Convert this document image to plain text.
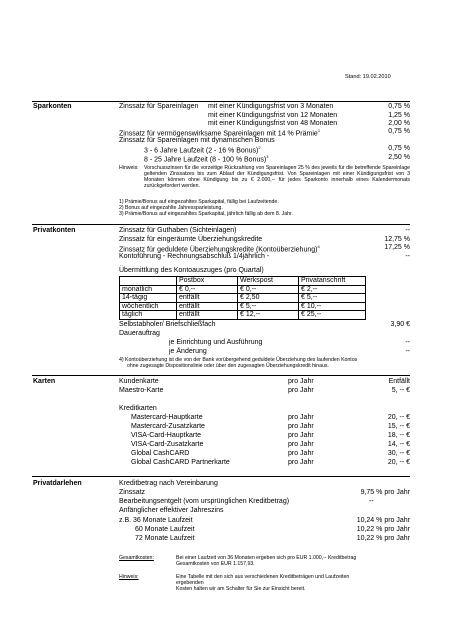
Stand: 19.02.2010
Sparkonten	Zinssatz für Spareinlagen mit einer Kündigungsfrist von 3 Monaten	0,75 %
mit einer Kündigungsfrist von 12 Monaten	1,25 %
mit einer Kündigungsfrist von 48 Monaten	2,00 %
Zinssatz für vermögenswirksame Spareinlagen mit 14 % Prämie$^1$	0,75 %
Zinssatz für Spareinlagen mit dynamischen Bonus
3 - 6 Jahre Laufzeit (2 - 16 % Bonus)$^2$	0,75 %
8 - 25 Jahre Laufzeit (8 - 100 % Bonus)$^3$	2,50 %
Hinweis: Vorschusszinsen für die vorzeitige Rückzahlung von Spareinlagen 25 % des jeweils für die betreffende Spareinlage geltenden Zinssatzes bis zum Ablauf der Kündigungsfrist. Von Spareinlagen mit einer Kündigungsfrist von 3 Monaten können ohne Kündigung bis zu € 2.000,-- für jedes Sparkonto innerhalb eines Kalendermonats zurückgefordert werden.
1) Prämie/Bonus auf eingezahltes Sparkapital, fällig bei Laufzeitende.
2) Bonus auf eingezahlte Jahressparleistung.
3) Prämie/Bonus auf eingezahltes Sparkapital, jährlich fällig ab dem 8. Jahr.
Privatkonten	Zinssatz für Guthaben (Sichteinlagen)	--
Zinssatz für eingeräumte Überziehungskredite	12,75 %
Zinssatz für geduldete Überziehungskredite (Kontoüberziehung)$^4$	17,25 %
Kontoführung - Rechnungsabschluß 1/4jährlich -	--
Übermittlung des Kontoauszuges (pro Quartal)
	Postbox	Werkspost	Privatanschrift
monatlich	€ 0,--	€ 0,--	€ 2,--
14-tägig	entfällt	€ 2,50	€ 5,--
wöchentlich	entfällt	€ 5,--	€ 10,--
täglich	entfällt	€ 12,--	€ 25,--
Selbstabholer/ Briefschließfach	3,90 €
Dauerauftrag
je Einrichtung und Ausführung	--
je Änderung	--
4) Kontoüberziehung ist die von der Bank vorübergehend geduldete Überziehung des laufenden Kontos
ohne zugesagte Dispositionslinie oder über den zugesagten Überziehungskredit hinaus.
Karten	Kundenkarte	pro Jahr	Entfällt
Maestro-Karte	pro Jahr	5, -- €
Kreditkarten
Mastercard-Hauptkarte	pro Jahr	20, -- €
Mastercard-Zusatzkarte	pro Jahr	15, -- €
VISA-Card-Hauptkarte	pro Jahr	18, -- €
VISA-Card-Zusatzkarte	pro Jahr	14, -- €
Global CashCARD	pro Jahr	30, -- €
Global CashCARD Partnerkarte	pro Jahr	20, -- €
Privatdarlehen	Kreditbetrag nach Vereinbarung
Zinssatz	9,75 % pro Jahr
Bearbeitungsentgelt (vom ursprünglichen Kreditbetrag)	--
Anfänglicher effektiver Jahreszins
z.B. 36 Monate Laufzeit	10,24 % pro Jahr
60 Monate Laufzeit	10,22 % pro Jahr
72 Monate Laufzeit	10,22 % pro Jahr
Gesamtkosten:	Bei einer Laufzeit von 36 Monaten ergeben sich pro EUR 1.000,-- Kreditbetrag Gesamtkosten von EUR 1.157,93.
Hinweis:	Eine Tabelle mit den sich aus verschiedenen Kreditbeträgen und Laufzeiten
ergebenden
Kosten halten wir am Schalter für Sie zur Einsicht bereit.
